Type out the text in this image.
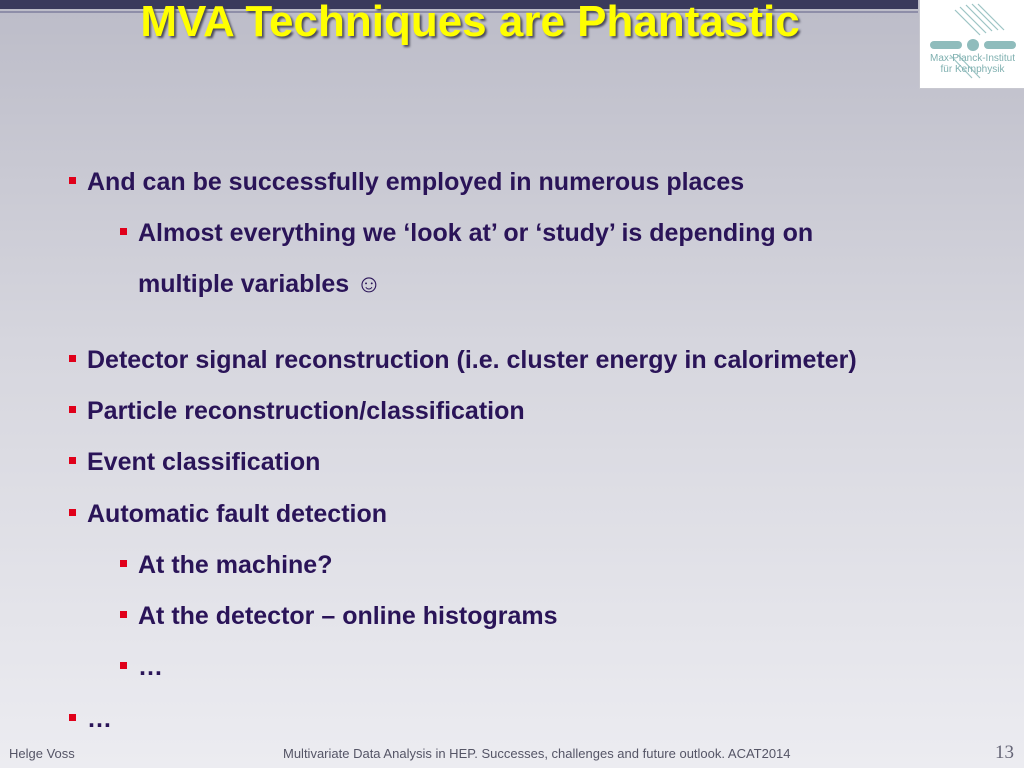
Max-Planck-Institut
für Kernphysik
MVA Techniques are Phantastic
And can be successfully employed in numerous places
Almost everything we ‘look at’ or ‘study’ is depending on
multiple variables ☺
Detector signal reconstruction (i.e. cluster energy in calorimeter)
Particle reconstruction/classification
Event classification
Automatic fault detection
At the machine?
At the detector – online histograms
…
…
Helge Voss	Multivariate Data Analysis in HEP. Successes, challenges and future outlook. ACAT2014	13
